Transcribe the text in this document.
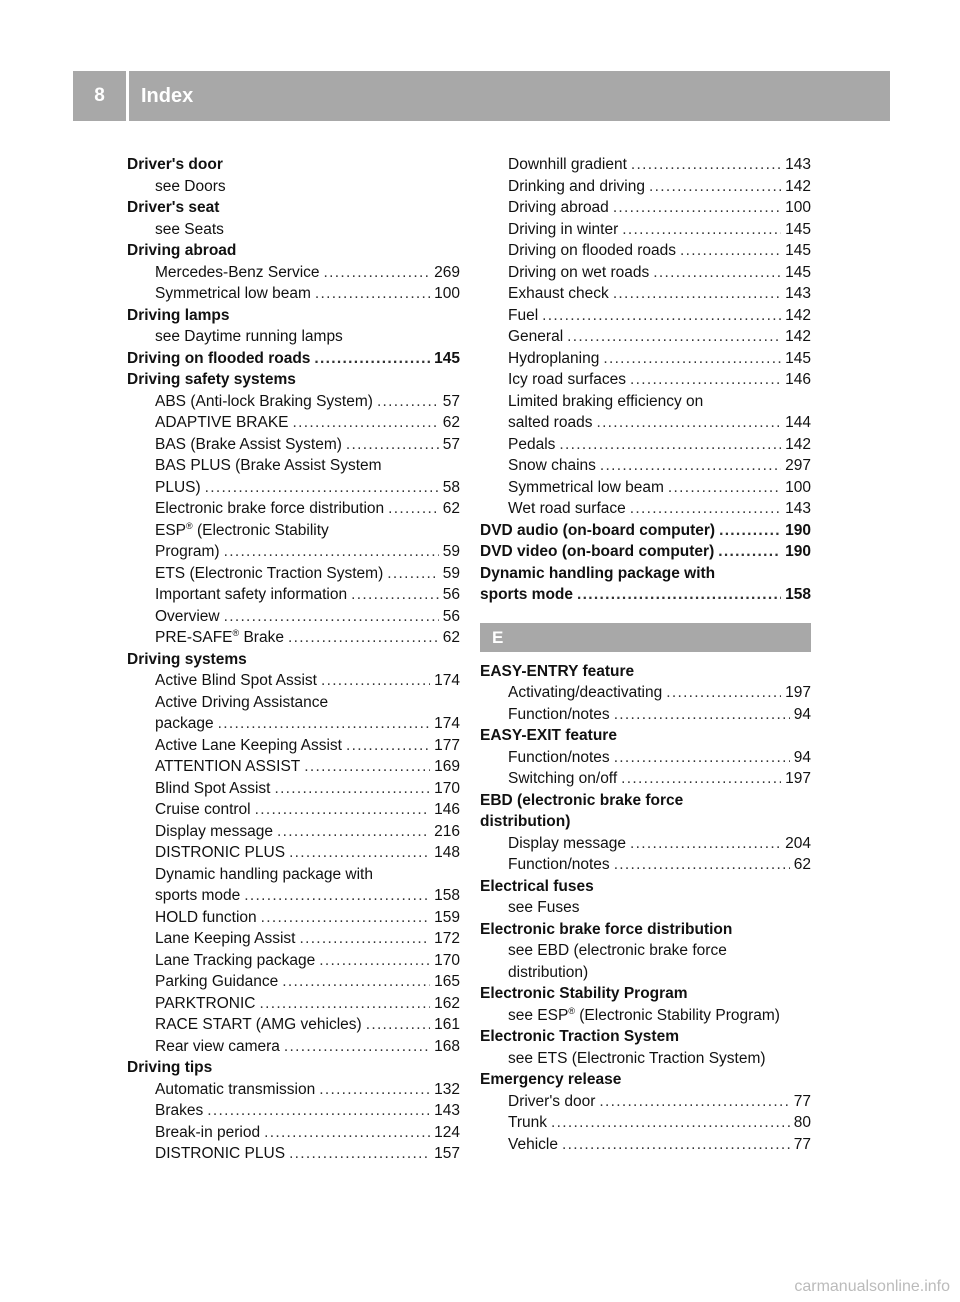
8	Index
Driver's door
see Doors
Driver's seat
see Seats
Driving abroad
Mercedes-Benz Service . . .	269
Symmetrical low beam . . .	100
Driving lamps
see Daytime running lamps
Driving on flooded roads . . .	145
Driving safety systems
ABS (Anti-lock Braking System) . . .	57
ADAPTIVE BRAKE . . .	62
BAS (Brake Assist System) . . .	57
BAS PLUS (Brake Assist System
PLUS) . . .	58
Electronic brake force distribution . . .	62
ESP® (Electronic Stability
Program) . . .	59
ETS (Electronic Traction System) . . .	59
Important safety information . . .	56
Overview . . .	56
PRE-SAFE® Brake . . .	62
Driving systems
Active Blind Spot Assist . . .	174
Active Driving Assistance
package . . .	174
Active Lane Keeping Assist . . .	177
ATTENTION ASSIST . . .	169
Blind Spot Assist . . .	170
Cruise control . . .	146
Display message . . .	216
DISTRONIC PLUS . . .	148
Dynamic handling package with
sports mode . . .	158
HOLD function . . .	159
Lane Keeping Assist . . .	172
Lane Tracking package . . .	170
Parking Guidance . . .	165
PARKTRONIC . . .	162
RACE START (AMG vehicles) . . .	161
Rear view camera . . .	168
Driving tips
Automatic transmission . . .	132
Brakes . . .	143
Break-in period . . .	124
DISTRONIC PLUS . . .	157
Downhill gradient . . .	143
Drinking and driving . . .	142
Driving abroad . . .	100
Driving in winter . . .	145
Driving on flooded roads . . .	145
Driving on wet roads . . .	145
Exhaust check . . .	143
Fuel . . .	142
General . . .	142
Hydroplaning . . .	145
Icy road surfaces . . .	146
Limited braking efficiency on
salted roads . . .	144
Pedals . . .	142
Snow chains . . .	297
Symmetrical low beam . . .	100
Wet road surface . . .	143
DVD audio (on-board computer) . . .	190
DVD video (on-board computer) . . .	190
Dynamic handling package with
sports mode . . .	158
E
EASY-ENTRY feature
Activating/deactivating . . .	197
Function/notes . . .	94
EASY-EXIT feature
Function/notes . . .	94
Switching on/off . . .	197
EBD (electronic brake force
distribution)
Display message . . .	204
Function/notes . . .	62
Electrical fuses
see Fuses
Electronic brake force distribution
see EBD (electronic brake force
distribution)
Electronic Stability Program
see ESP® (Electronic Stability Program)
Electronic Traction System
see ETS (Electronic Traction System)
Emergency release
Driver's door . . .	77
Trunk . . .	80
Vehicle . . .	77
carmanualsonline.info
